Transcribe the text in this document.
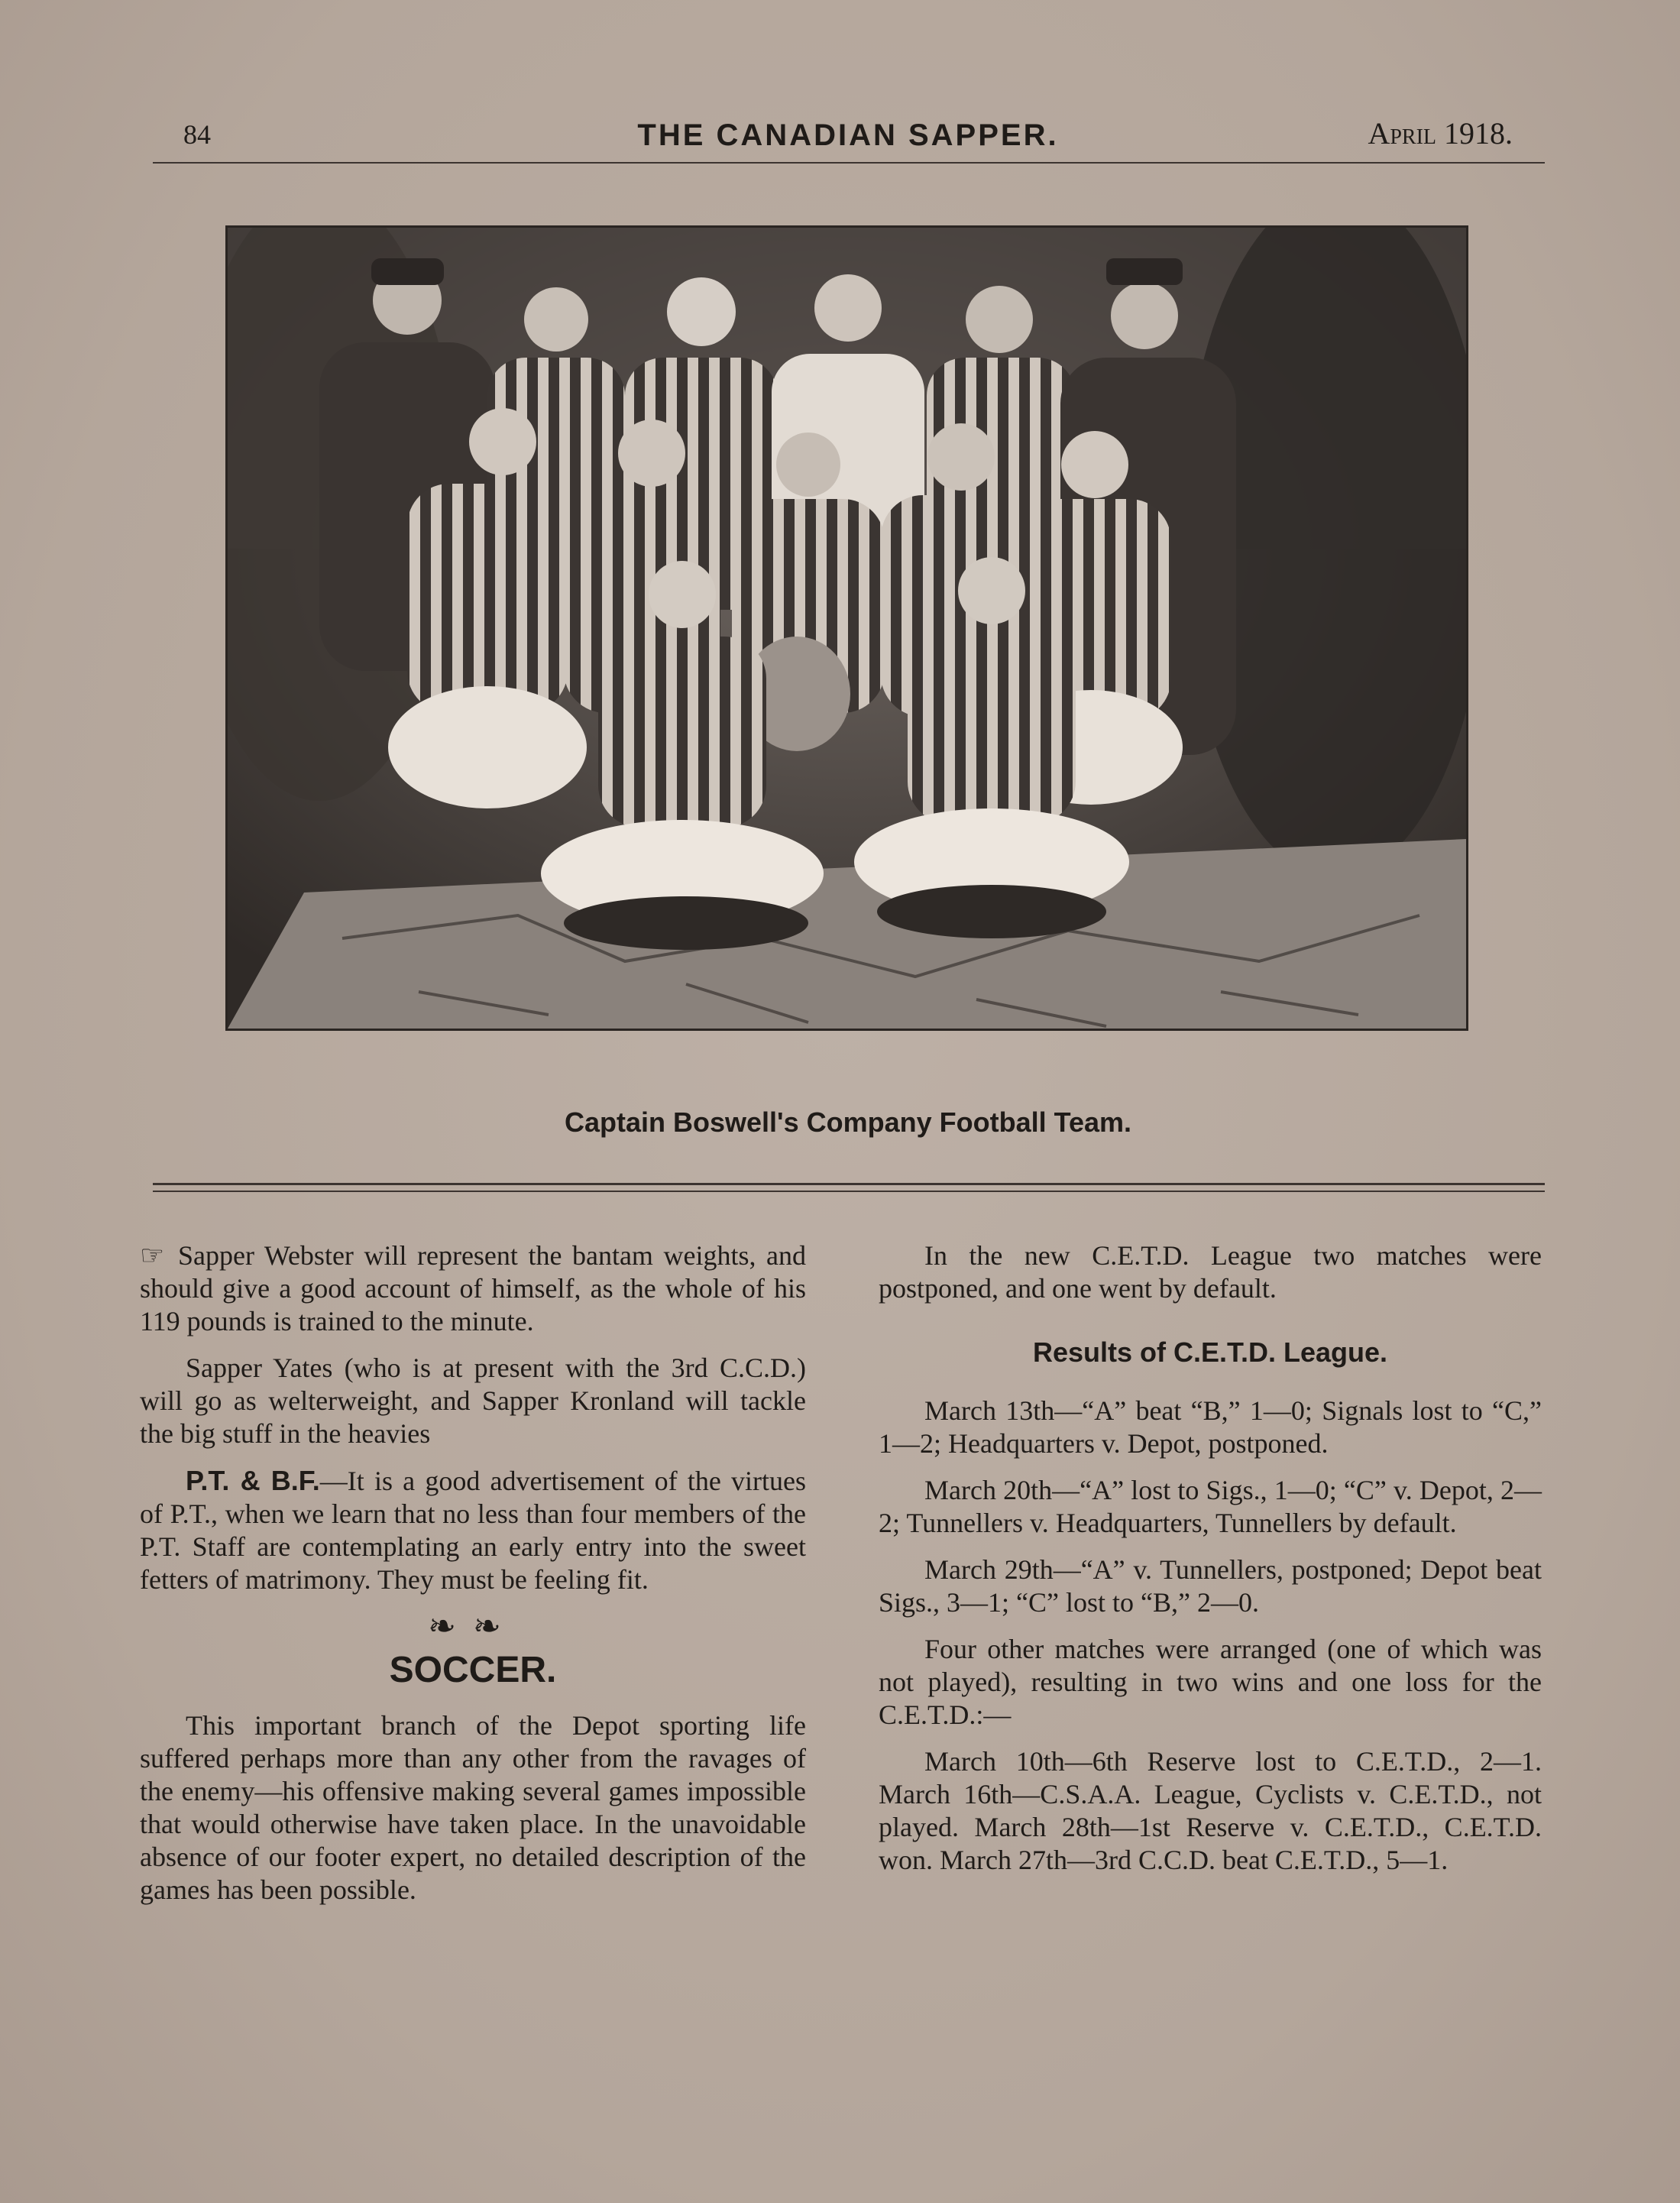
84	THE CANADIAN SAPPER.	April 1918.
Captain Boswell's Company Football Team.

☞ Sapper Webster will represent the bantam weights, and should give a good account of himself, as the whole of his 119 pounds is trained to the minute.

Sapper Yates (who is at present with the 3rd C.C.D.) will go as welterweight, and Sapper Kronland will tackle the big stuff in the heavies

P.T. & B.F.—It is a good advertisement of the virtues of P.T., when we learn that no less than four members of the P.T. Staff are contemplating an early entry into the sweet fetters of matrimony. They must be feeling fit.

❧❧
SOCCER.

This important branch of the Depot sporting life suffered perhaps more than any other from the ravages of the enemy—his offensive making several games impossible that would otherwise have taken place. In the unavoidable absence of our footer expert, no detailed description of the games has been possible.

In the new C.E.T.D. League two matches were postponed, and one went by default.

Results of C.E.T.D. League.

March 13th—“A” beat “B,” 1—0; Signals lost to “C,” 1—2; Headquarters v. Depot, postponed.

March 20th—“A” lost to Sigs., 1—0; “C” v. Depot, 2—2; Tunnellers v. Headquarters, Tunnellers by default.

March 29th—“A” v. Tunnellers, postponed; Depot beat Sigs., 3—1; “C” lost to “B,” 2—0.

Four other matches were arranged (one of which was not played), resulting in two wins and one loss for the C.E.T.D.:—

March 10th—6th Reserve lost to C.E.T.D., 2—1. March 16th—C.S.A.A. League, Cyclists v. C.E.T.D., not played. March 28th—1st Reserve v. C.E.T.D., C.E.T.D. won. March 27th—3rd C.C.D. beat C.E.T.D., 5—1.
